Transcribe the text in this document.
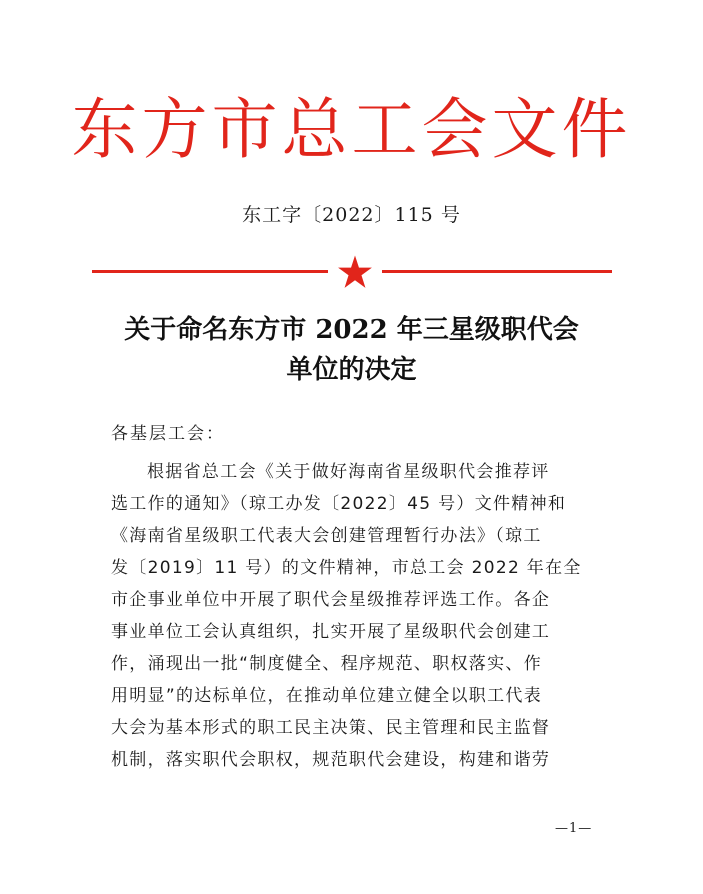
东方市总工会文件
东工字〔2022〕115 号
关于命名东方市 2022 年三星级职代会
单位的决定
各基层工会：
根据省总工会《关于做好海南省星级职代会推荐评
选工作的通知》（琼工办发〔2022〕45 号）文件精神和
《海南省星级职工代表大会创建管理暂行办法》（琼工
发〔2019〕11 号）的文件精神，市总工会 2022 年在全
市企事业单位中开展了职代会星级推荐评选工作。各企
事业单位工会认真组织，扎实开展了星级职代会创建工
作，涌现出一批“制度健全、程序规范、职权落实、作
用明显”的达标单位，在推动单位建立健全以职工代表
大会为基本形式的职工民主决策、民主管理和民主监督
机制，落实职代会职权，规范职代会建设，构建和谐劳
—1—
